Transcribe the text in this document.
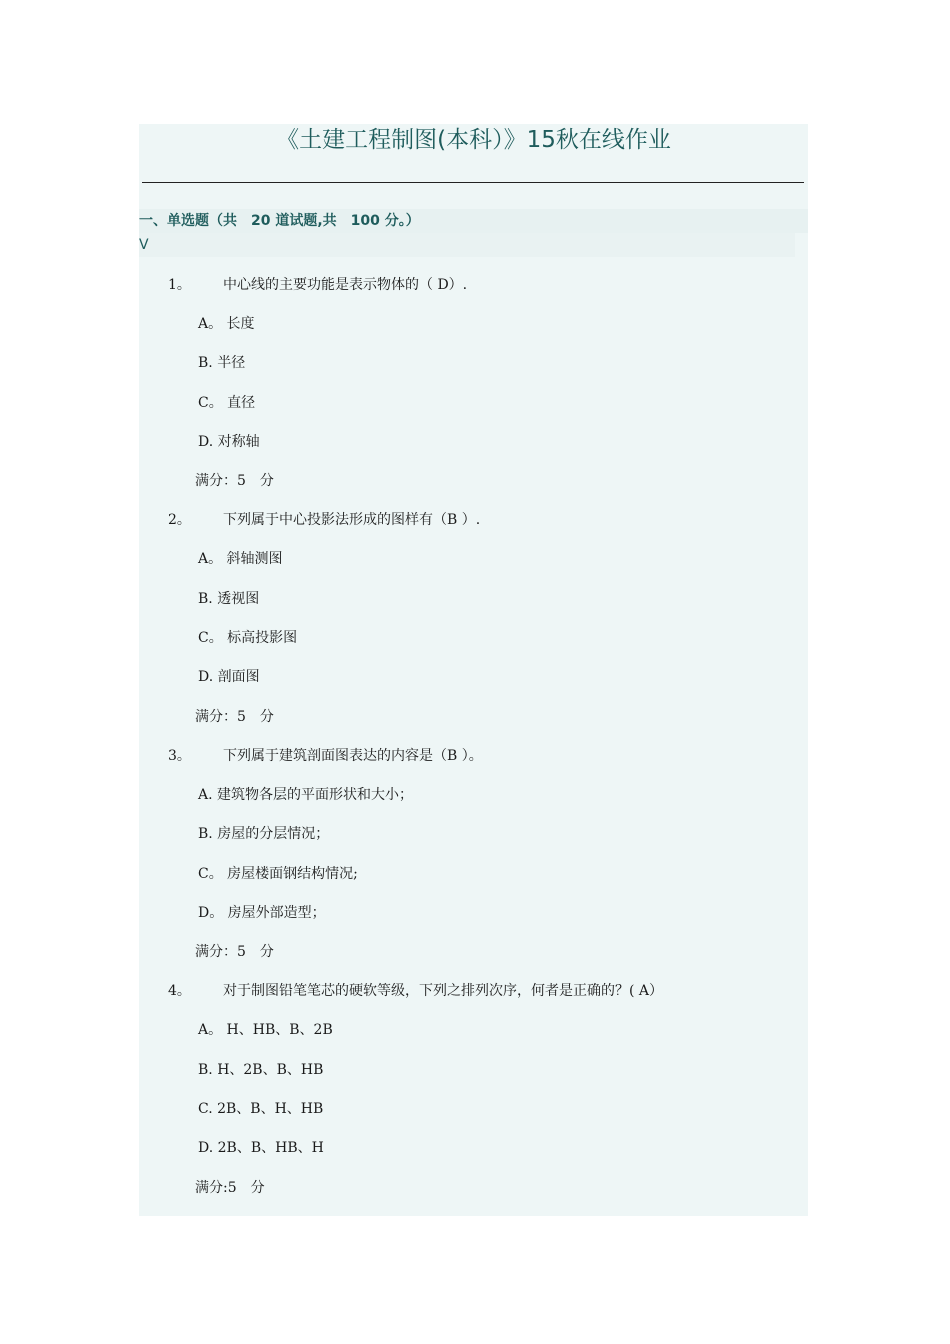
《土建工程制图(本科）》15秋在线作业
一、单选题（共　20 道试题,共　100 分。）
V
1。 中心线的主要功能是表示物体的（ D）.
A。 长度
B. 半径
C。 直径
D. 对称轴
满分：5　分
2。 下列属于中心投影法形成的图样有（B ）.
A。 斜轴测图
B. 透视图
C。 标高投影图
D. 剖面图
满分：5　分
3。 下列属于建筑剖面图表达的内容是（B ）。
A. 建筑物各层的平面形状和大小；
B. 房屋的分层情况；
C。 房屋楼面钢结构情况;
D。 房屋外部造型；
满分：5　分
4。 对于制图铅笔笔芯的硬软等级，下列之排列次序，何者是正确的？( A）
A。 H、HB、B、2B
B. H、2B、B、HB
C. 2B、B、H、HB
D. 2B、B、HB、H
满分:5　分
